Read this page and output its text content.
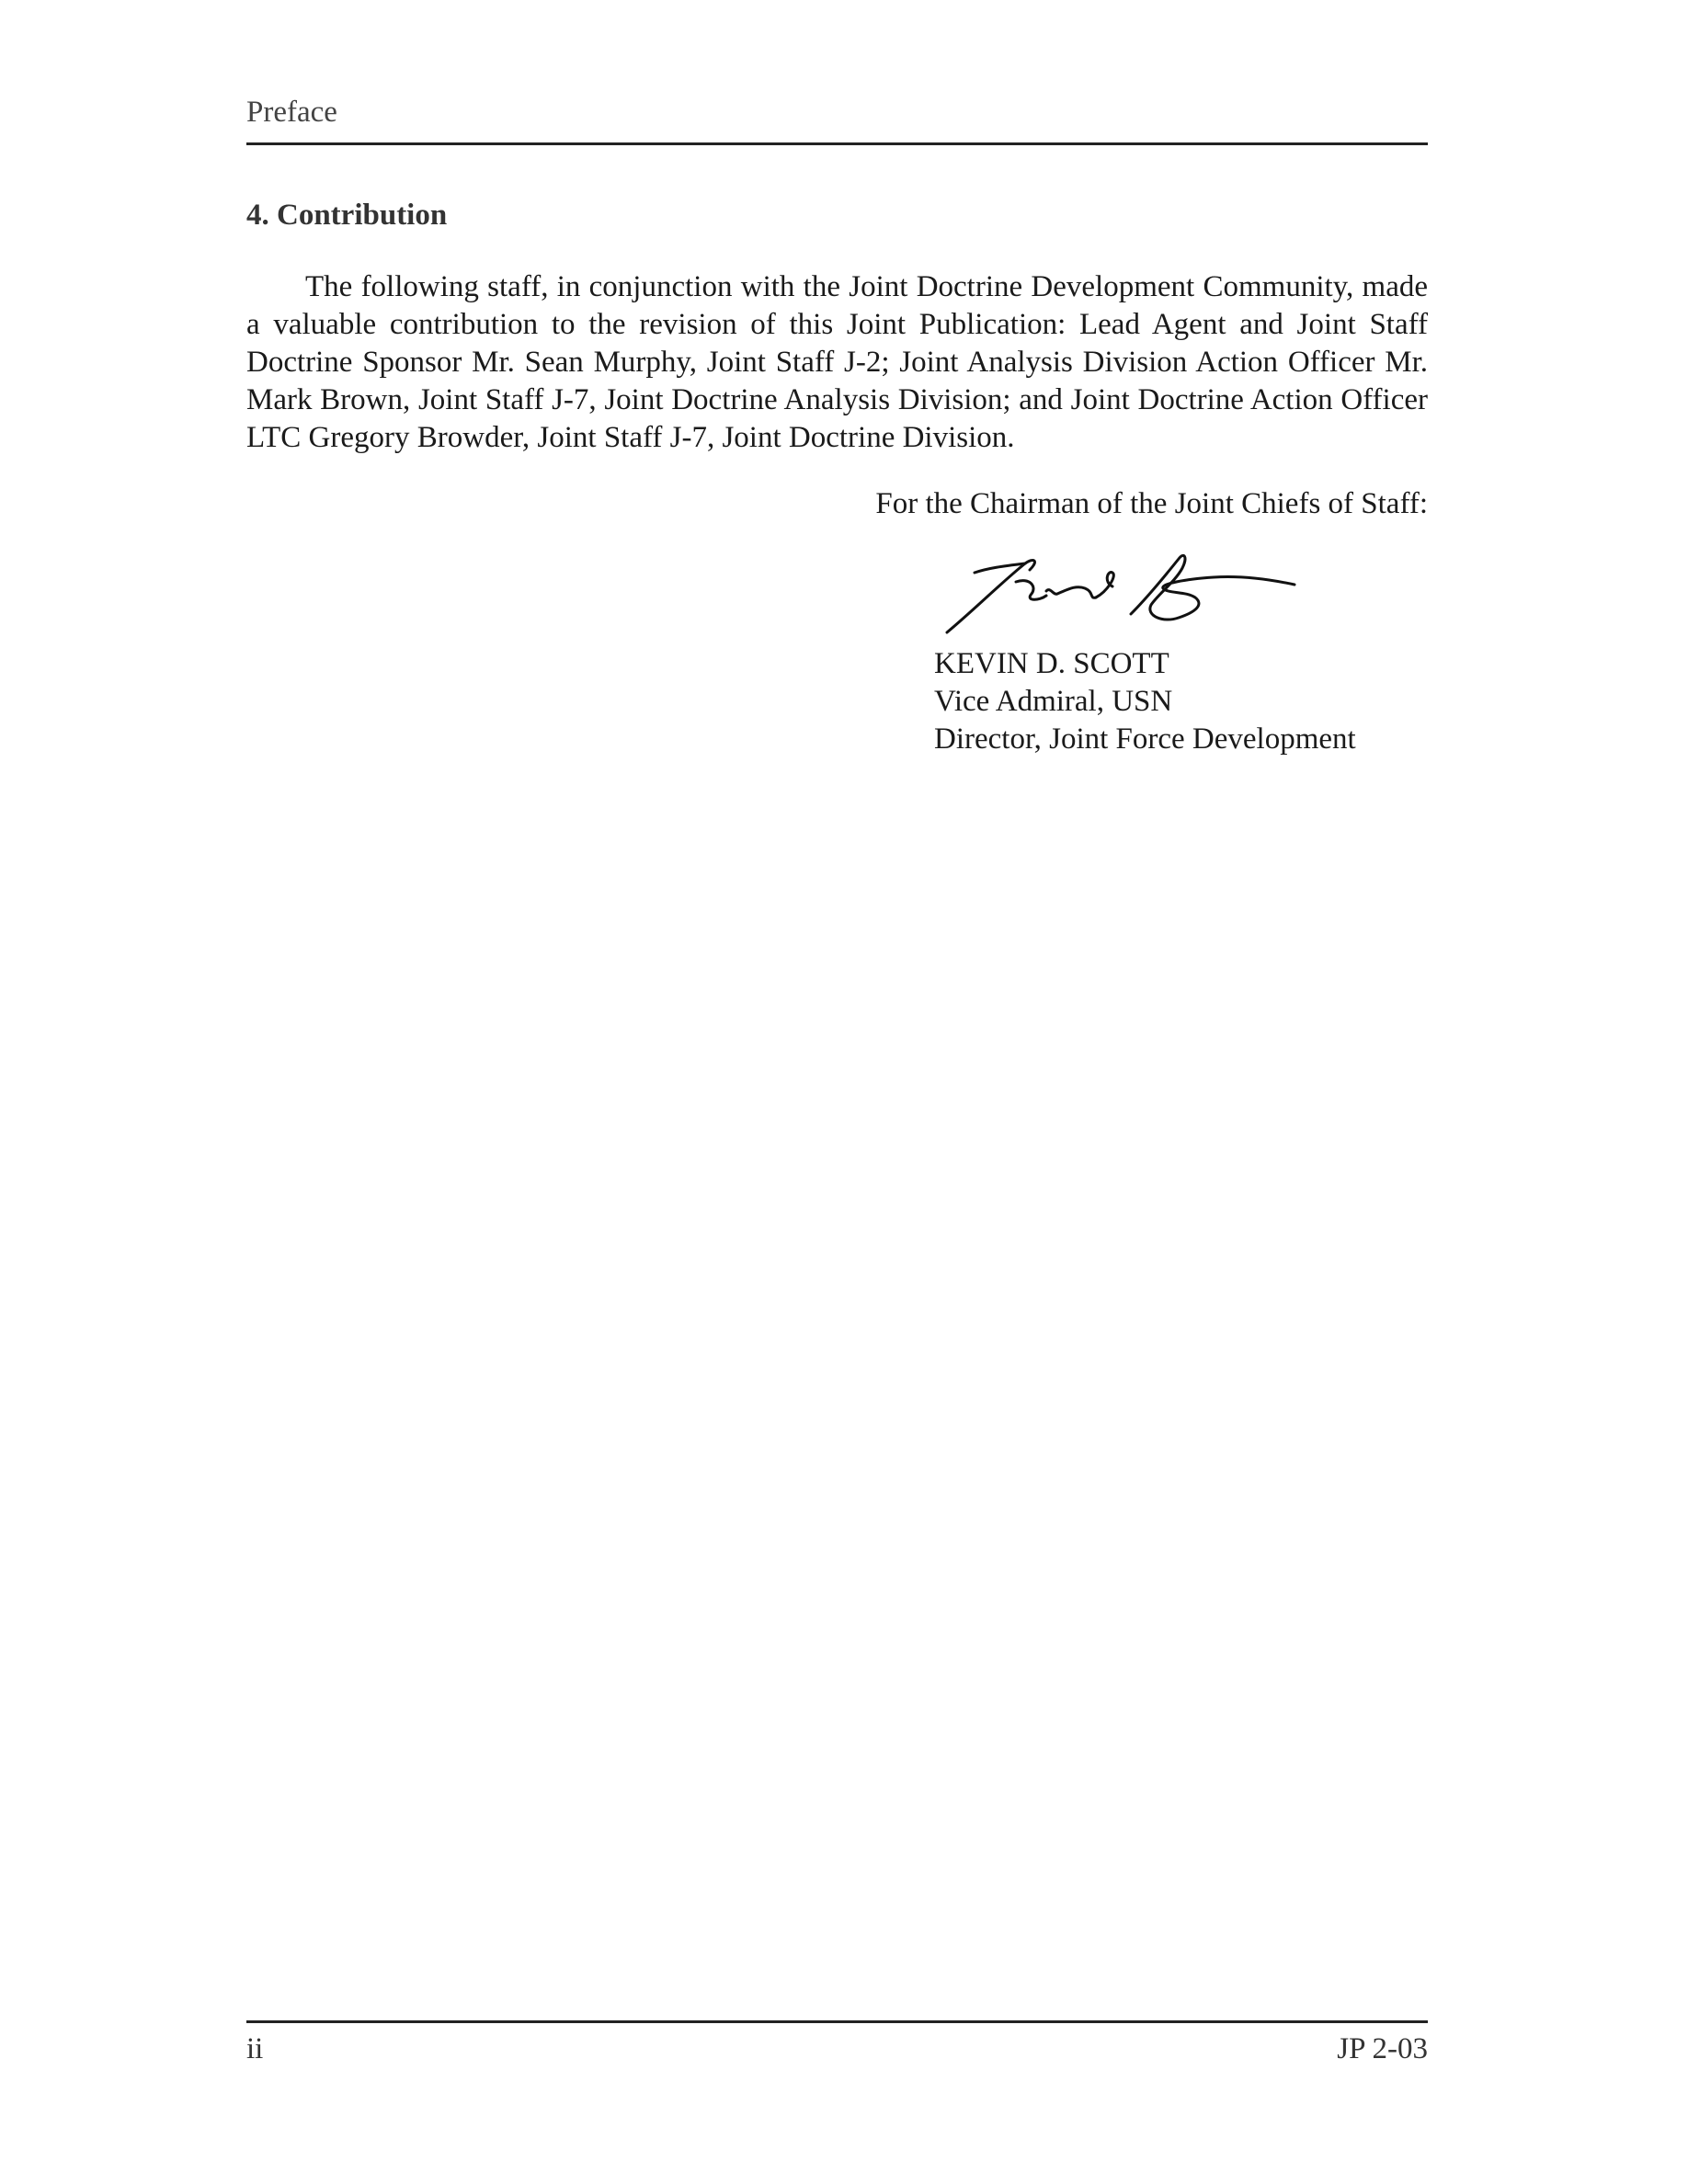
Preface
4. Contribution

The following staff, in conjunction with the Joint Doctrine Development Community, made a valuable contribution to the revision of this Joint Publication: Lead Agent and Joint Staff Doctrine Sponsor Mr. Sean Murphy, Joint Staff J-2; Joint Analysis Division Action Officer Mr. Mark Brown, Joint Staff J-7, Joint Doctrine Analysis Division; and Joint Doctrine Action Officer LTC Gregory Browder, Joint Staff J-7, Joint Doctrine Division.

For the Chairman of the Joint Chiefs of Staff:
KEVIN D. SCOTT
Vice Admiral, USN
Director, Joint Force Development
ii	JP 2-03
